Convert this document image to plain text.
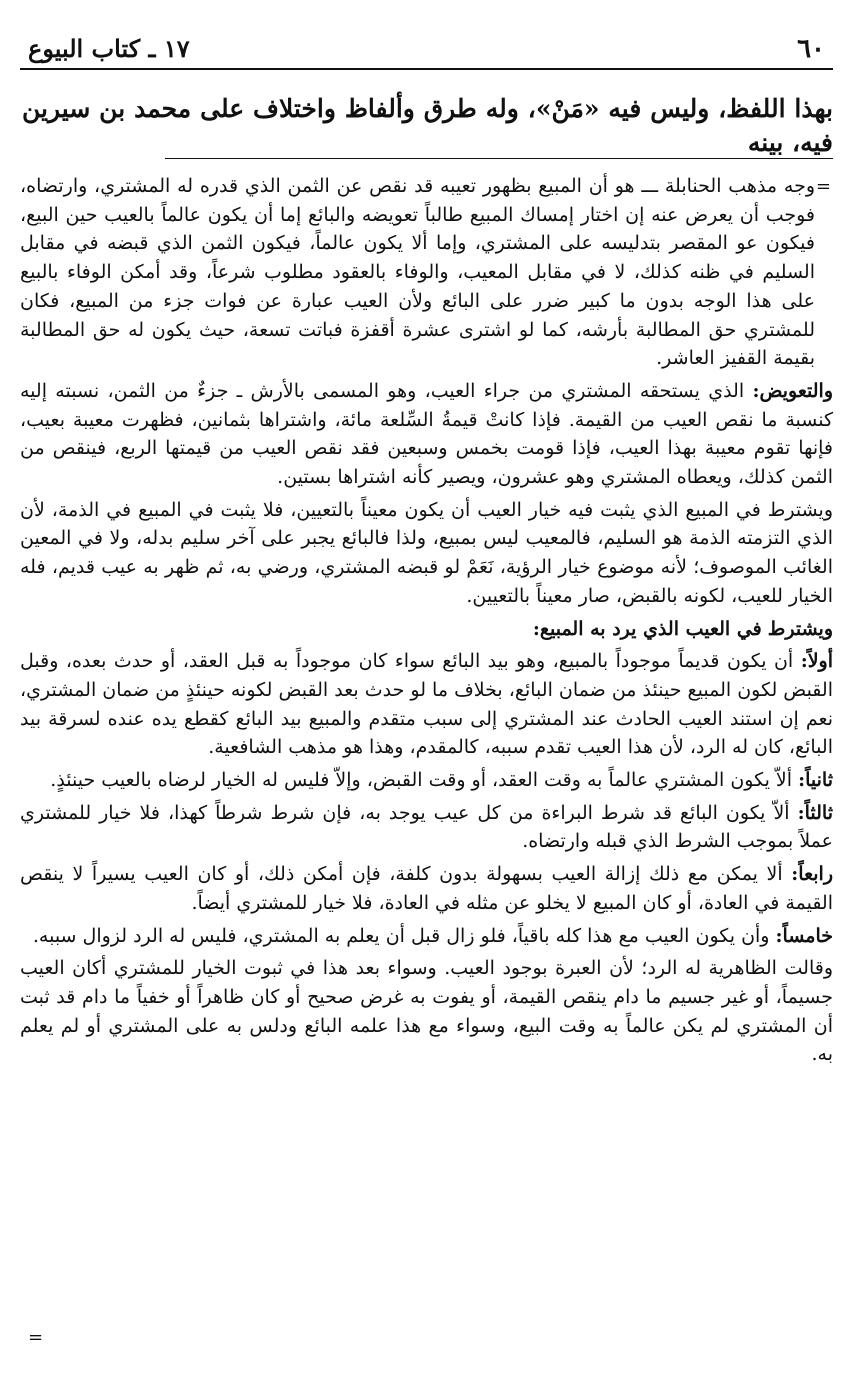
٦٠
١٧ ـ كتاب البيوع
بهذا اللفظ، وليس فيه «مَنْ»، وله طرق وألفاظ واختلاف على محمد بن سيرين فيه، بينه
=

وجه مذهب الحنابلة ـــ هو أن المبيع بظهور تعيبه قد نقص عن الثمن الذي قدره له المشتري، وارتضاه، فوجب أن يعرض عنه إن اختار إمساك المبيع طالباً تعويضه والبائع إما أن يكون عالماً بالعيب حين البيع، فيكون عو المقصر بتدليسه على المشتري، وإما ألا يكون عالماً، فيكون الثمن الذي قبضه في مقابل السليم في ظنه كذلك، لا في مقابل المعيب، والوفاء بالعقود مطلوب شرعاً، وقد أمكن الوفاء بالبيع على هذا الوجه بدون ما كبير ضرر على البائع ولأن العيب عبارة عن فوات جزء من المبيع، فكان للمشتري حق المطالبة بأرشه، كما لو اشترى عشرة أقفزة فباتت تسعة، حيث يكون له حق المطالبة بقيمة القفيز العاشر.

والتعويض: الذي يستحقه المشتري من جراء العيب، وهو المسمى بالأرش ـ جزءٌ من الثمن، نسبته إليه كنسبة ما نقص العيب من القيمة. فإذا كانتْ قيمةُ السِّلعة مائة، واشتراها بثمانين، فظهرت معيبة بعيب، فإنها تقوم معيبة بهذا العيب، فإذا قومت بخمس وسبعين فقد نقص العيب من قيمتها الربع، فينقص من الثمن كذلك، ويعطاه المشتري وهو عشرون، ويصير كأنه اشتراها بستين.

ويشترط في المبيع الذي يثبت فيه خيار العيب أن يكون معيناً بالتعيين، فلا يثبت في المبيع في الذمة، لأن الذي التزمته الذمة هو السليم، فالمعيب ليس بمبيع، ولذا فالبائع يجبر على آخر سليم بدله، ولا في المعين الغائب الموصوف؛ لأنه موضوع خيار الرؤية، نَعَمْ لو قبضه المشتري، ورضي به، ثم ظهر به عيب قديم، فله الخيار للعيب، لكونه بالقبض، صار معيناً بالتعيين.

ويشترط في العيب الذي يرد به المبيع:

أولاً: أن يكون قديماً موجوداً بالمبيع، وهو بيد البائع سواء كان موجوداً به قبل العقد، أو حدث بعده، وقبل القبض لكون المبيع حينئذ من ضمان البائع، بخلاف ما لو حدث بعد القبض لكونه حينئذٍ من ضمان المشتري، نعم إن استند العيب الحادث عند المشتري إلى سبب متقدم والمبيع بيد البائع كقطع يده عنده لسرقة بيد البائع، كان له الرد، لأن هذا العيب تقدم سببه، كالمقدم، وهذا هو مذهب الشافعية.

ثانياً: ألاّ يكون المشتري عالماً به وقت العقد، أو وقت القبض، وإلاّ فليس له الخيار لرضاه بالعيب حينئذٍ.

ثالثاً: ألاّ يكون البائع قد شرط البراءة من كل عيب يوجد به، فإن شرط شرطاً كهذا، فلا خيار للمشتري عملاً بموجب الشرط الذي قبله وارتضاه.

رابعاً: ألا يمكن مع ذلك إزالة العيب بسهولة بدون كلفة، فإن أمكن ذلك، أو كان العيب يسيراً لا ينقص القيمة في العادة، أو كان المبيع لا يخلو عن مثله في العادة، فلا خيار للمشتري أيضاً.

خامساً: وأن يكون العيب مع هذا كله باقياً، فلو زال قبل أن يعلم به المشتري، فليس له الرد لزوال سببه.

وقالت الظاهرية له الرد؛ لأن العبرة بوجود العيب. وسواء بعد هذا في ثبوت الخيار للمشتري أكان العيب جسيماً، أو غير جسيم ما دام ينقص القيمة، أو يفوت به غرض صحيح أو كان ظاهراً أو خفياً ما دام قد ثبت أن المشتري لم يكن عالماً به وقت البيع، وسواء مع هذا علمه البائع ودلس به على المشتري أو لم يعلم به.

=
